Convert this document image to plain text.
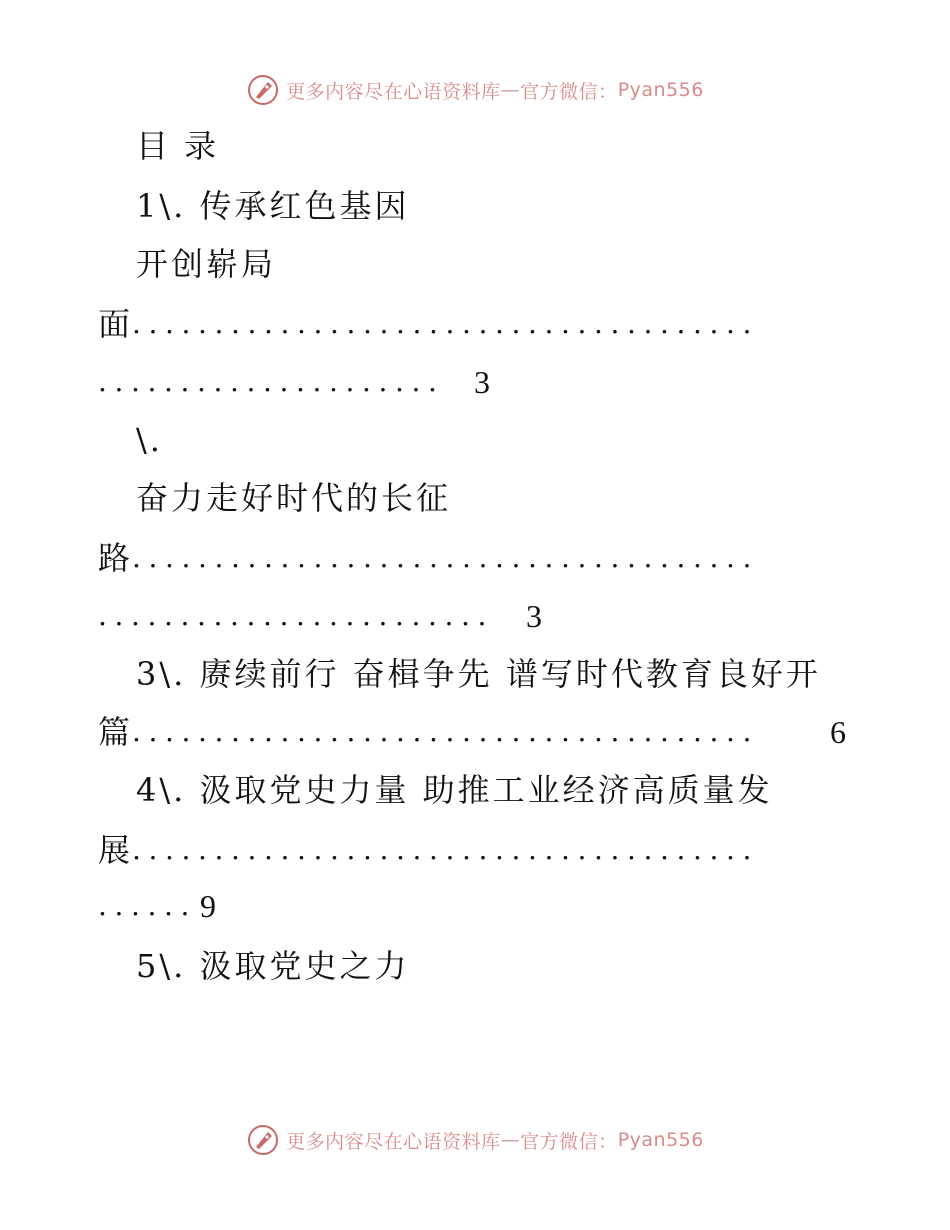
更多内容尽在心语资料库 — 官方微信： Pyan556
目 录
1\. 传承红色基因
开创崭局
面
......................................
..................... 3
\.
奋力走好时代的长征
路
......................................
........................ 3
3\. 赓续前行 奋楫争先 谱写时代教育良好开
篇
......................................	6
4\. 汲取党史力量 助推工业经济高质量发
展
......................................
...... 9
5\. 汲取党史之力
更多内容尽在心语资料库 — 官方微信： Pyan556
